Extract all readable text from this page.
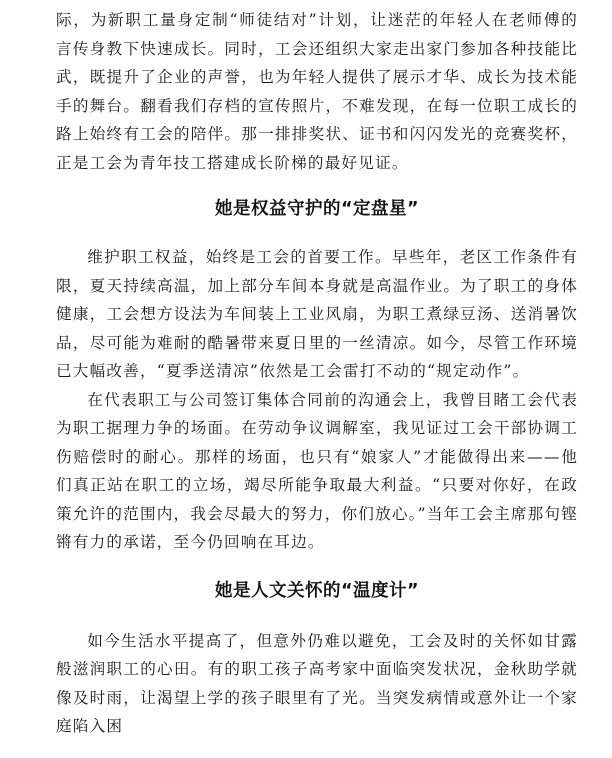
际，为新职工量身定制“师徒结对”计划，让迷茫的年轻人在老师傅的言传身教下快速成长。同时，工会还组织大家走出家门参加各种技能比武，既提升了企业的声誉，也为年轻人提供了展示才华、成长为技术能手的舞台。翻看我们存档的宣传照片，不难发现，在每一位职工成长的路上始终有工会的陪伴。那一排排奖状、证书和闪闪发光的竞赛奖杯，正是工会为青年技工搭建成长阶梯的最好见证。

她是权益守护的“定盘星”

维护职工权益，始终是工会的首要工作。早些年，老区工作条件有限，夏天持续高温，加上部分车间本身就是高温作业。为了职工的身体健康，工会想方设法为车间装上工业风扇，为职工煮绿豆汤、送消暑饮品，尽可能为难耐的酷暑带来夏日里的一丝清凉。如今，尽管工作环境已大幅改善，“夏季送清凉”依然是工会雷打不动的“规定动作”。

在代表职工与公司签订集体合同前的沟通会上，我曾目睹工会代表为职工据理力争的场面。在劳动争议调解室，我见证过工会干部协调工伤赔偿时的耐心。那样的场面，也只有“娘家人”才能做得出来——他们真正站在职工的立场，竭尽所能争取最大利益。“只要对你好，在政策允许的范围内，我会尽最大的努力，你们放心。”当年工会主席那句铿锵有力的承诺，至今仍回响在耳边。

她是人文关怀的“温度计”

如今生活水平提高了，但意外仍难以避免，工会及时的关怀如甘露般滋润职工的心田。有的职工孩子高考家中面临突发状况，金秋助学就像及时雨，让渴望上学的孩子眼里有了光。当突发病情或意外让一个家庭陷入困
